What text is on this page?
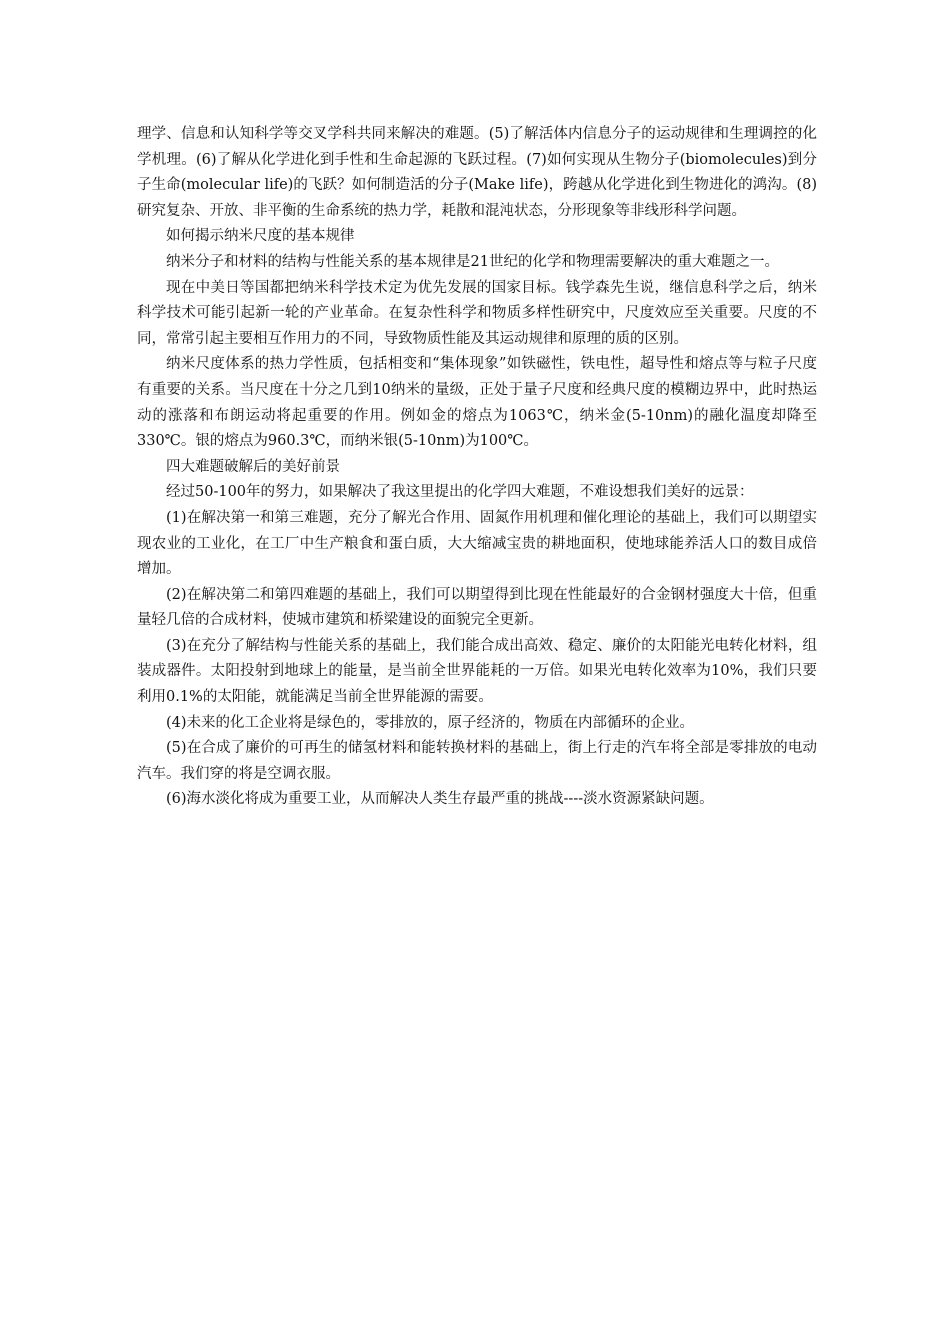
理学、信息和认知科学等交叉学科共同来解决的难题。(5)了解活体内信息分子的运动规律和生理调控的化学机理。(6)了解从化学进化到手性和生命起源的飞跃过程。(7)如何实现从生物分子(biomolecules)到分子生命(molecular life)的飞跃？如何制造活的分子(Make life)，跨越从化学进化到生物进化的鸿沟。(8)研究复杂、开放、非平衡的生命系统的热力学，耗散和混沌状态，分形现象等非线形科学问题。

如何揭示纳米尺度的基本规律

纳米分子和材料的结构与性能关系的基本规律是21世纪的化学和物理需要解决的重大难题之一。

现在中美日等国都把纳米科学技术定为优先发展的国家目标。钱学森先生说，继信息科学之后，纳米科学技术可能引起新一轮的产业革命。在复杂性科学和物质多样性研究中，尺度效应至关重要。尺度的不同，常常引起主要相互作用力的不同，导致物质性能及其运动规律和原理的质的区别。

纳米尺度体系的热力学性质，包括相变和“集体现象”如铁磁性，铁电性，超导性和熔点等与粒子尺度有重要的关系。当尺度在十分之几到10纳米的量级，正处于量子尺度和经典尺度的模糊边界中，此时热运动的涨落和布朗运动将起重要的作用。例如金的熔点为1063℃，纳米金(5-10nm)的融化温度却降至330℃。银的熔点为960.3℃，而纳米银(5-10nm)为100℃。

四大难题破解后的美好前景

经过50-100年的努力，如果解决了我这里提出的化学四大难题，不难设想我们美好的远景：

(1)在解决第一和第三难题，充分了解光合作用、固氮作用机理和催化理论的基础上，我们可以期望实现农业的工业化，在工厂中生产粮食和蛋白质，大大缩减宝贵的耕地面积，使地球能养活人口的数目成倍增加。

(2)在解决第二和第四难题的基础上，我们可以期望得到比现在性能最好的合金钢材强度大十倍，但重量轻几倍的合成材料，使城市建筑和桥梁建设的面貌完全更新。

(3)在充分了解结构与性能关系的基础上，我们能合成出高效、稳定、廉价的太阳能光电转化材料，组装成器件。太阳投射到地球上的能量，是当前全世界能耗的一万倍。如果光电转化效率为10%，我们只要利用0.1%的太阳能，就能满足当前全世界能源的需要。

(4)未来的化工企业将是绿色的，零排放的，原子经济的，物质在内部循环的企业。

(5)在合成了廉价的可再生的储氢材料和能转换材料的基础上，街上行走的汽车将全部是零排放的电动汽车。我们穿的将是空调衣服。

(6)海水淡化将成为重要工业，从而解决人类生存最严重的挑战----淡水资源紧缺问题。
